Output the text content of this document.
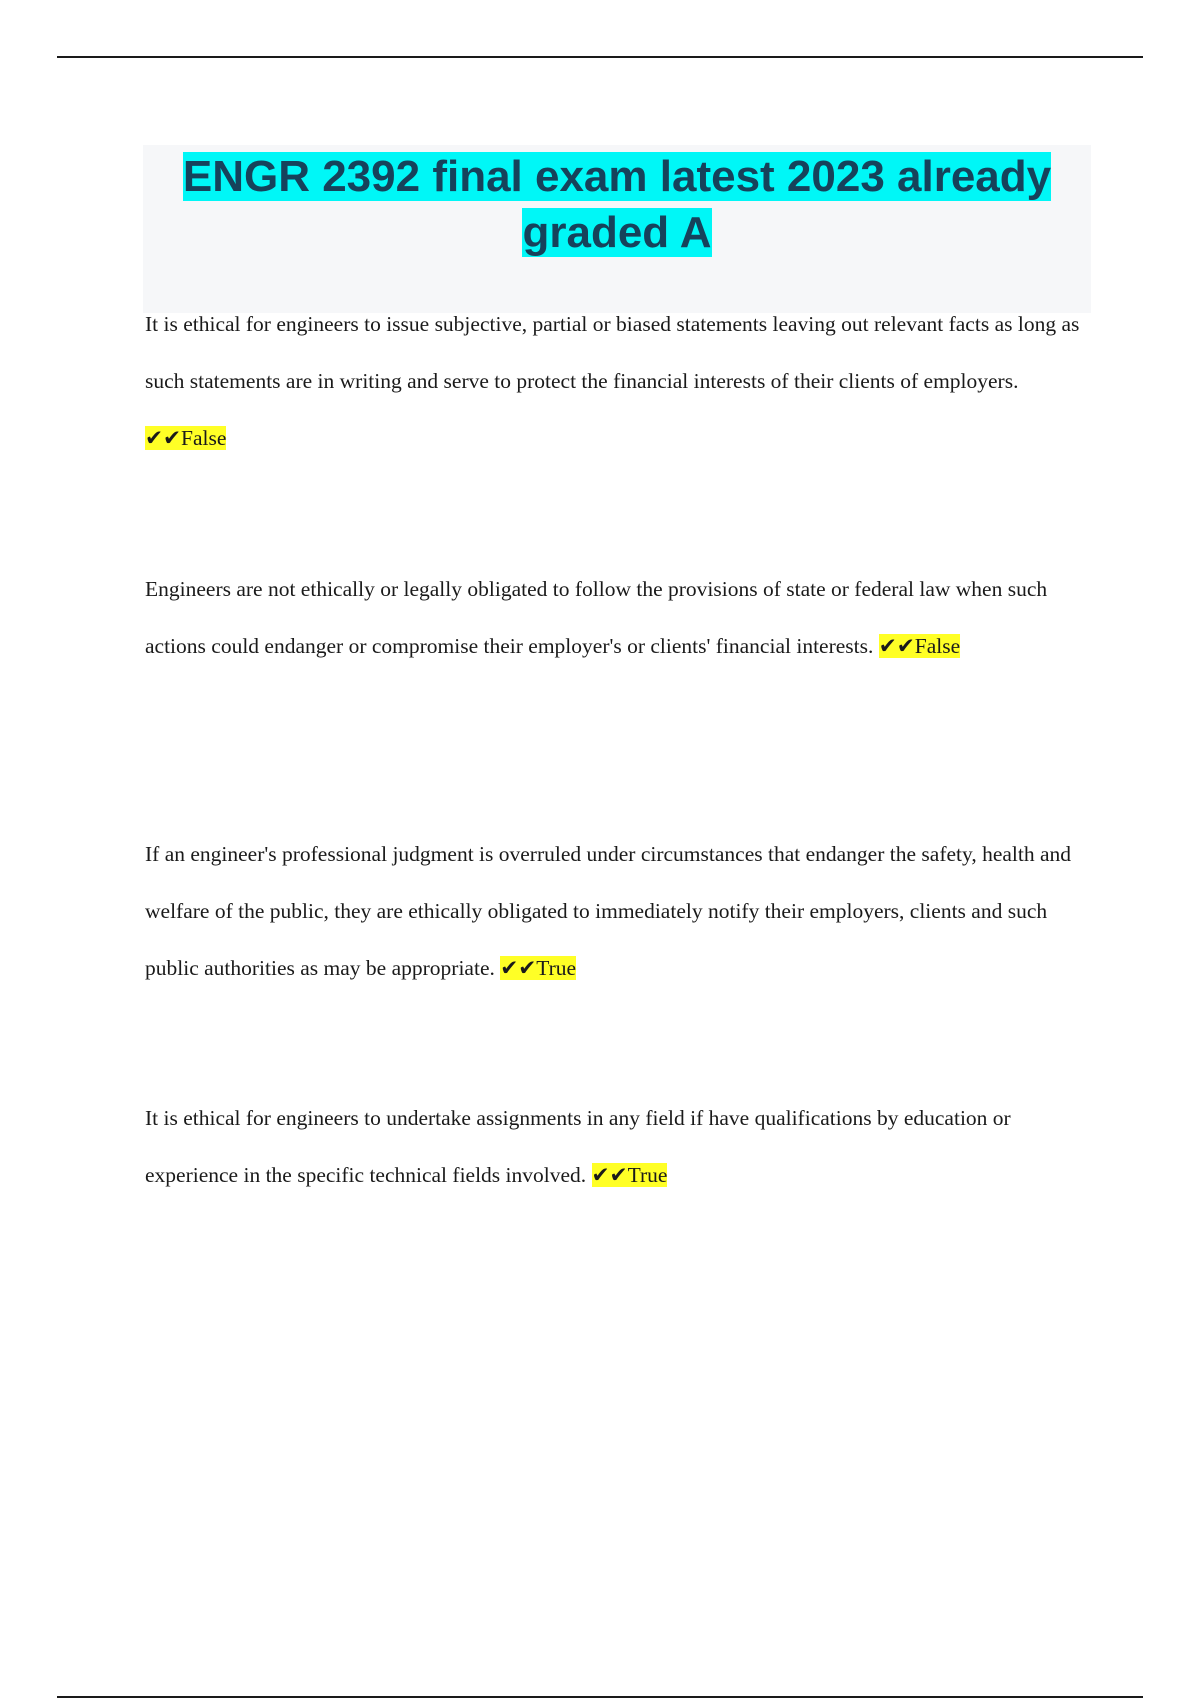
ENGR 2392 final exam latest 2023 already graded A

It is ethical for engineers to issue subjective, partial or biased statements leaving out relevant facts as long as such statements are in writing and serve to protect the financial interests of their clients of employers. ✔✔False

Engineers are not ethically or legally obligated to follow the provisions of state or federal law when such actions could endanger or compromise their employer's or clients' financial interests. ✔✔False

If an engineer's professional judgment is overruled under circumstances that endanger the safety, health and welfare of the public, they are ethically obligated to immediately notify their employers, clients and such public authorities as may be appropriate. ✔✔True

It is ethical for engineers to undertake assignments in any field if have qualifications by education or experience in the specific technical fields involved. ✔✔True
